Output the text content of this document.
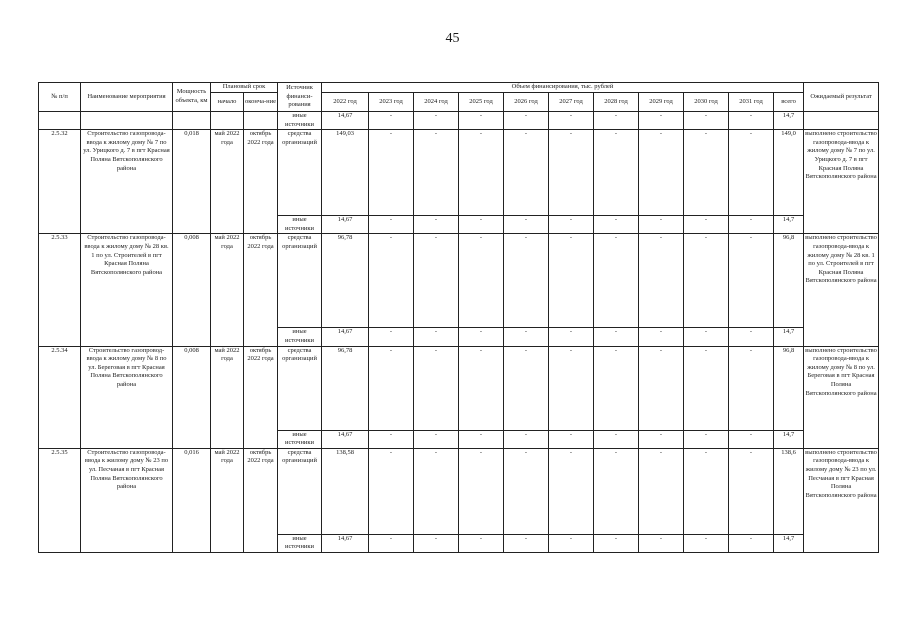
45
№ п/п	Наименование мероприятия	Мощность объекта, км	Плановый срок		Источник финанси-рования	Объем финансирования, тыс. рублей											Ожидаемый результат
			начало	оконча-ние		2022 год	2023 год	2024 год	2025 год	2026 год	2027 год	2028 год	2029 год	2030 год	2031 год	всего	
					иные источники	14,67	-	-	-	-	-	-	-	-	-	14,7	
2.5.32	Строительство газопровода-ввода к жилому дому № 7 по ул. Урицкого д. 7 в пгт Красная Поляна Вятскополянского района	0,018	май 2022 года	октябрь 2022 года	средства организаций	149,03	-	-	-	-	-	-	-	-	-	149,0	выполнено строительство газопровода-ввода к жилому дому № 7 по ул. Урицкого д. 7 в пгт Красная Поляна Вятскополянского района
					иные источники	14,67	-	-	-	-	-	-	-	-	-	14,7	
2.5.33	Строительство газопровода-ввода к жилому дому № 28 кв. 1 по ул. Строителей в пгт Красная Поляна Вятскополянского района	0,008	май 2022 года	октябрь 2022 года	средства организаций	96,78	-	-	-	-	-	-	-	-	-	96,8	выполнено строительство газопровода-ввода к жилому дому № 28 кв. 1 по ул. Строителей в пгт Красная Поляна Вятскополянского района
					иные источники	14,67	-	-	-	-	-	-	-	-	-	14,7	
2.5.34	Строительство газопровод-ввода к жилому дому № 8 по ул. Береговая в пгт Красная Поляна Вятскополянского района	0,008	май 2022 года	октябрь 2022 года	средства организаций	96,78	-	-	-	-	-	-	-	-	-	96,8	выполнено строительство газопровода-ввода к жилому дому № 8 по ул. Береговая в пгт Красная Поляна Вятскополянского района
					иные источники	14,67	-	-	-	-	-	-	-	-	-	14,7	
2.5.35	Строительство газопровода-ввода к жилому дому № 23 по ул. Песчаная в пгт Красная Поляна Вятскополянского района	0,016	май 2022 года	октябрь 2022 года	средства организаций	138,58	-	-	-	-	-	-	-	-	-	138,6	выполнено строительство газопровода-ввода к жилому дому № 23 по ул. Песчаная в пгт Красная Поляна Вятскополянского района
					иные источники	14,67	-	-	-	-	-	-	-	-	-	14,7	
